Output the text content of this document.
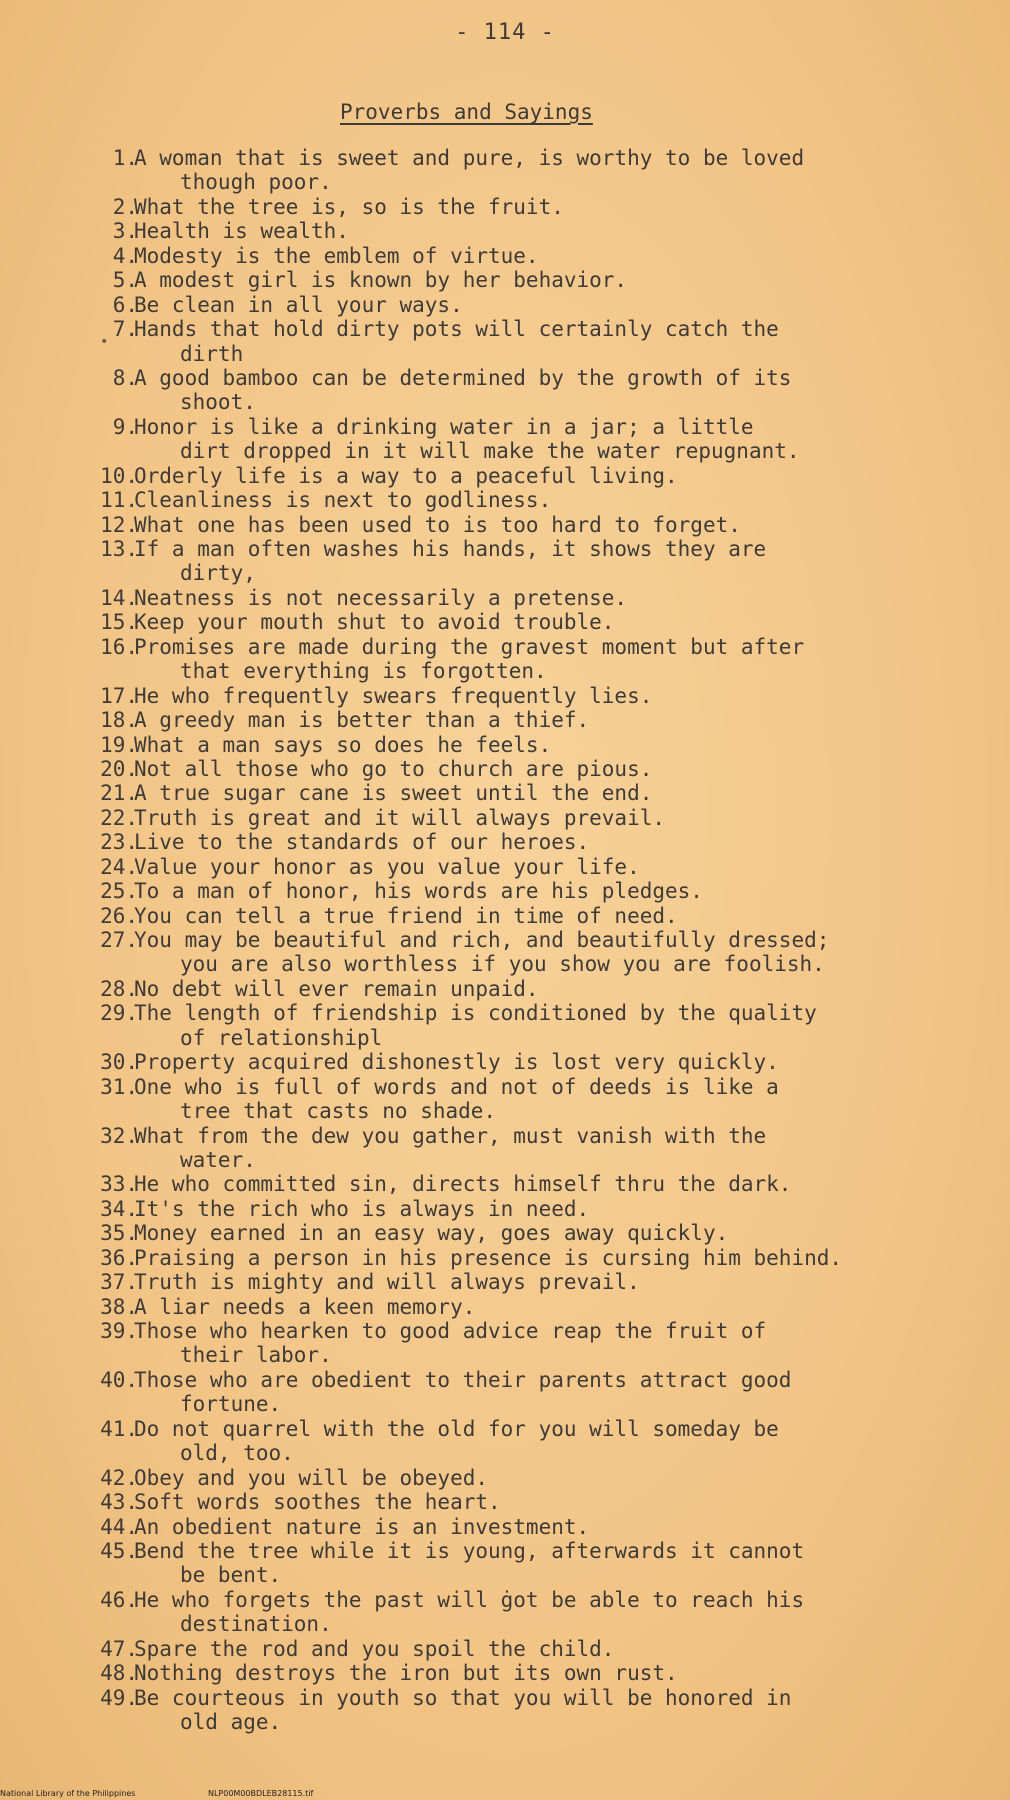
- 114 -
Proverbs and Sayings
1.
A woman that is sweet and pure, is worthy to be loved
though poor.
2.
What the tree is, so is the fruit.
3.
Health is wealth.
4.
Modesty is the emblem of virtue.
5.
A modest girl is known by her behavior.
6.
Be clean in all your ways.
7.
Hands that hold dirty pots will certainly catch the
dirth
8.
A good bamboo can be determined by the growth of its
shoot.
9.
Honor is like a drinking water in a jar; a little
dirt dropped in it will make the water repugnant.
10.
Orderly life is a way to a peaceful living.
11.
Cleanliness is next to godliness.
12.
What one has been used to is too hard to forget.
13.
If a man often washes his hands, it shows they are
dirty,
14.
Neatness is not necessarily a pretense.
15.
Keep your mouth shut to avoid trouble.
16.
Promises are made during the gravest moment but after
that everything is forgotten.
17.
He who frequently swears frequently lies.
18.
A greedy man is better than a thief.
19.
What a man says so does he feels.
20.
Not all those who go to church are pious.
21.
A true sugar cane is sweet until the end.
22.
Truth is great and it will always prevail.
23.
Live to the standards of our heroes.
24.
Value your honor as you value your life.
25.
To a man of honor, his words are his pledges.
26.
You can tell a true friend in time of need.
27.
You may be beautiful and rich, and beautifully dressed;
you are also worthless if you show you are foolish.
28.
No debt will ever remain unpaid.
29.
The length of friendship is conditioned by the quality
of relationshipl
30.
Property acquired dishonestly is lost very quickly.
31.
One who is full of words and not of deeds is like a
tree that casts no shade.
32.
What from the dew you gather, must vanish with the
water.
33.
He who committed sin, directs himself thru the dark.
34.
It's the rich who is always in need.
35.
Money earned in an easy way, goes away quickly.
36.
Praising a person in his presence is cursing him behind.
37.
Truth is mighty and will always prevail.
38.
A liar needs a keen memory.
39.
Those who hearken to good advice reap the fruit of
their labor.
40.
Those who are obedient to their parents attract good
fortune.
41.
Do not quarrel with the old for you will someday be
old, too.
42.
Obey and you will be obeyed.
43.
Soft words soothes the heart.
44.
An obedient nature is an investment.
45.
Bend the tree while it is young, afterwards it cannot
be bent.
46.
He who forgets the past will ġot be able to reach his
destination.
47.
Spare the rod and you spoil the child.
48.
Nothing destroys the iron but its own rust.
49.
Be courteous in youth so that you will be honored in
old age.
•
National Library of the Philippines	NLP00M00BDLEB28115.tif
